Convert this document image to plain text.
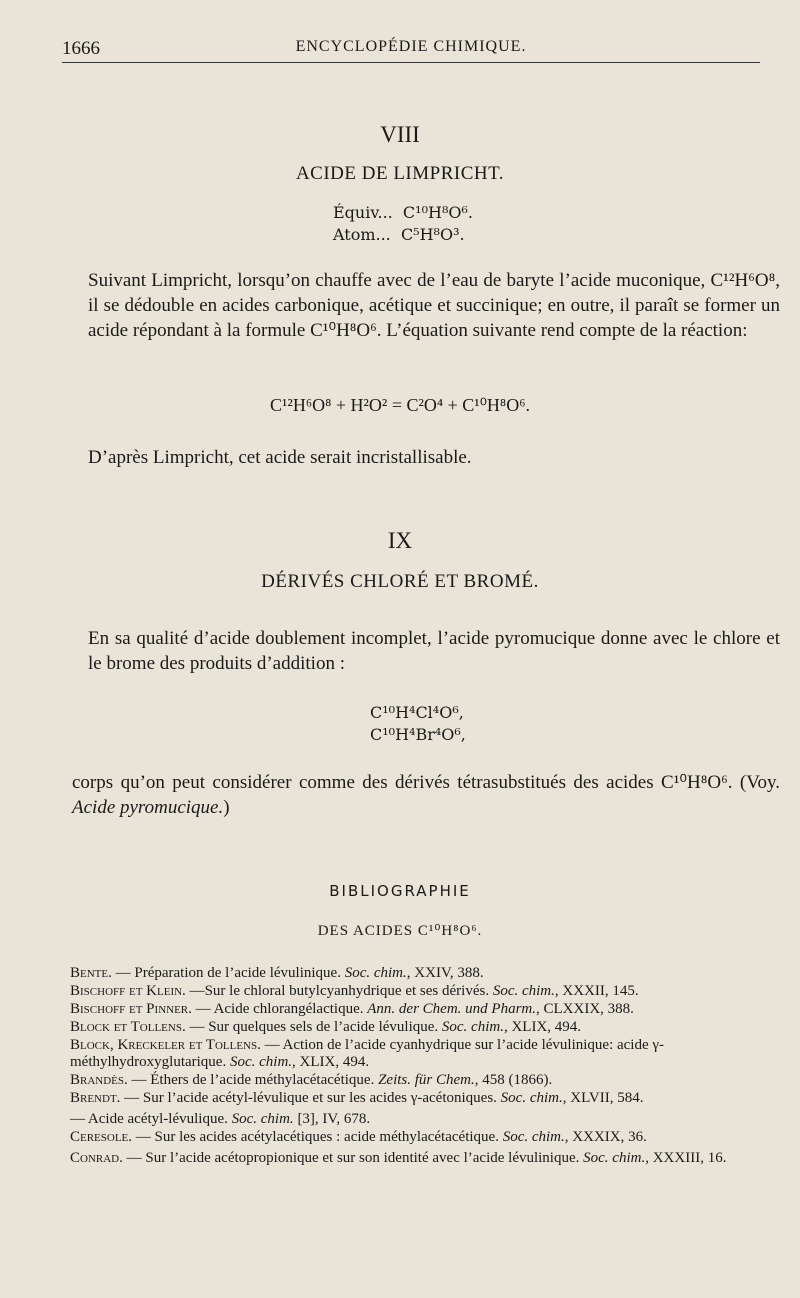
1666	ENCYCLOPÉDIE CHIMIQUE.
VIII
ACIDE DE LIMPRICHT.
Équiv... C¹⁰H⁸O⁶.
Atom... C⁵H⁸O³.
Suivant Limpricht, lorsqu’on chauffe avec de l’eau de baryte l’acide muconique, C¹²H⁶O⁸, il se dédouble en acides carbonique, acétique et succinique; en outre, il paraît se former un acide répondant à la formule C¹⁰H⁸O⁶. L’équation suivante rend compte de la réaction:
C¹²H⁶O⁸ + H²O² = C²O⁴ + C¹⁰H⁸O⁶.
D’après Limpricht, cet acide serait incristallisable.
IX
DÉRIVÉS CHLORÉ ET BROMÉ.
En sa qualité d’acide doublement incomplet, l’acide pyromucique donne avec le chlore et le brome des produits d’addition :
C¹⁰H⁴Cl⁴O⁶,
C¹⁰H⁴Br⁴O⁶,
corps qu’on peut considérer comme des dérivés tétrasubstitués des acides C¹⁰H⁸O⁶. (Voy. Acide pyromucique.)
BIBLIOGRAPHIE
DES ACIDES C¹⁰H⁸O⁶.
Bente. — Préparation de l’acide lévulinique. Soc. chim., XXIV, 388.
Bischoff et Klein. —Sur le chloral butylcyanhydrique et ses dérivés. Soc. chim., XXXII, 145.
Bischoff et Pinner. — Acide chlorangélactique. Ann. der Chem. und Pharm., CLXXIX, 388.
Block et Tollens. — Sur quelques sels de l’acide lévulique. Soc. chim., XLIX, 494.
Block, Kreckeler et Tollens. — Action de l’acide cyanhydrique sur l’acide lévulinique: acide γ-méthylhydroxyglutarique. Soc. chim., XLIX, 494.
Brandès. — Éthers de l’acide méthylacétacétique. Zeits. für Chem., 458 (1866).
Brendt. — Sur l’acide acétyl-lévulique et sur les acides γ-acétoniques. Soc. chim., XLVII, 584.
— Acide acétyl-lévulique. Soc. chim. [3], IV, 678.
Ceresole. — Sur les acides acétylacétiques : acide méthylacétacétique. Soc. chim., XXXIX, 36.
Conrad. — Sur l’acide acétopropionique et sur son identité avec l’acide lévulinique. Soc. chim., XXXIII, 16.
